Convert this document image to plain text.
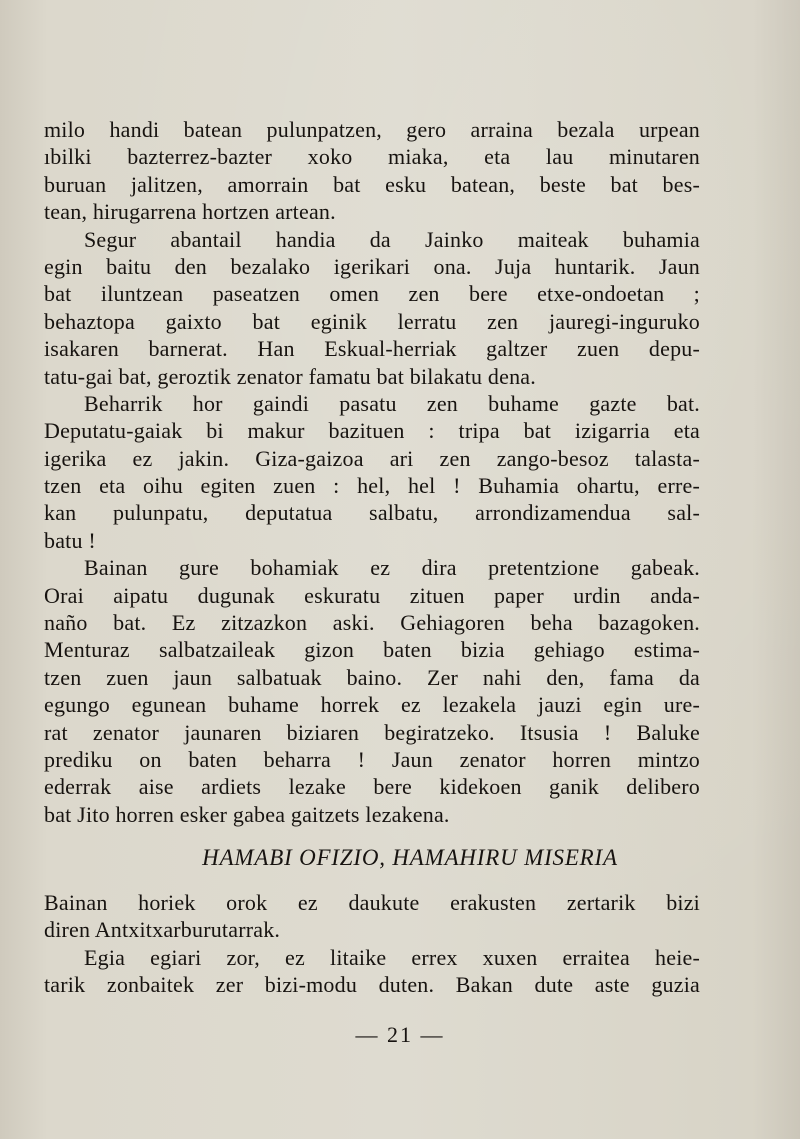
milo handi batean pulunpatzen, gero arraina bezala urpean
ıbilki bazterrez-bazter xoko miaka, eta lau minutaren
buruan jalitzen, amorrain bat esku batean, beste bat bes-
tean, hirugarrena hortzen artean.
Segur abantail handia da Jainko maiteak buhamia
egin baitu den bezalako igerikari ona. Juja huntarik. Jaun
bat iluntzean paseatzen omen zen bere etxe-ondoetan ;
behaztopa gaixto bat eginik lerratu zen jauregi-inguruko
isakaren barnerat. Han Eskual-herriak galtzer zuen depu-
tatu-gai bat, geroztik zenator famatu bat bilakatu dena.
Beharrik hor gaindi pasatu zen buhame gazte bat.
Deputatu-gaiak bi makur bazituen : tripa bat izigarria eta
igerika ez jakin. Giza-gaizoa ari zen zango-besoz talasta-
tzen eta oihu egiten zuen : hel, hel ! Buhamia ohartu, erre-
kan pulunpatu, deputatua salbatu, arrondizamendua sal-
batu !
Bainan gure bohamiak ez dira pretentzione gabeak.
Orai aipatu dugunak eskuratu zituen paper urdin anda-
naño bat. Ez zitzazkon aski. Gehiagoren beha bazagoken.
Menturaz salbatzaileak gizon baten bizia gehiago estima-
tzen zuen jaun salbatuak baino. Zer nahi den, fama da
egungo egunean buhame horrek ez lezakela jauzi egin ure-
rat zenator jaunaren biziaren begiratzeko. Itsusia ! Baluke
prediku on baten beharra ! Jaun zenator horren mintzo
ederrak aise ardiets lezake bere kidekoen ganik delibero
bat Jito horren esker gabea gaitzets lezakena.
HAMABI OFIZIO, HAMAHIRU MISERIA
Bainan horiek orok ez daukute erakusten zertarik bizi
diren Antxitxarburutarrak.
Egia egiari zor, ez litaike errex xuxen erraitea heie-
tarik zonbaitek zer bizi-modu duten. Bakan dute aste guzia
— 21 —
